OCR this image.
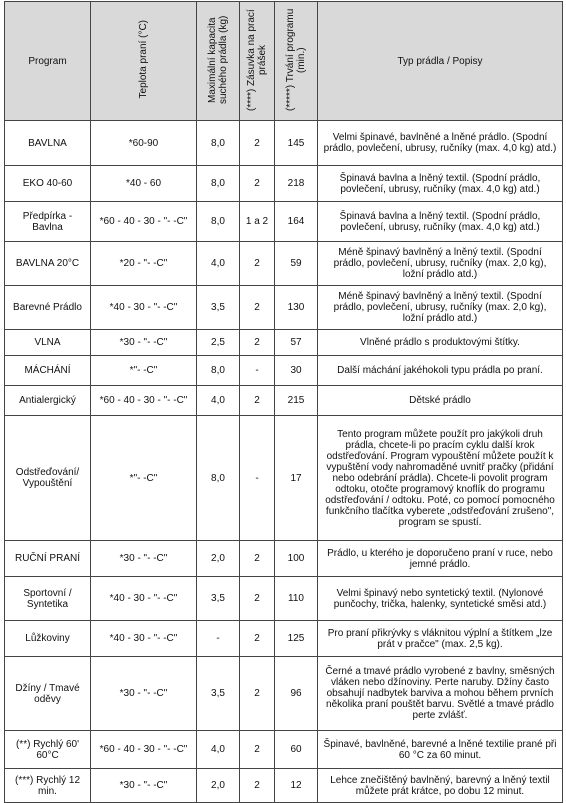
Program	Teplota praní (°C)	Maximální kapacita suchého prádla (kg)	(****) Zásuvka na prací prášek	(*****) Trvání programu (min.)	Typ prádla / Popisy
BAVLNA	*60-90	8,0	2	145	Velmi špinavé, bavlněné a lněné prádlo. (Spodní prádlo, povlečení, ubrusy, ručníky (max. 4,0 kg) atd.)
EKO 40-60	*40 - 60	8,0	2	218	Špinavá bavlna a lněný textil. (Spodní prádlo, povlečení, ubrusy, ručníky (max. 4,0 kg) atd.)
Předpírka - Bavlna	*60 - 40 - 30 - "- -C"	8,0	1 a 2	164	Špinavá bavlna a lněný textil. (Spodní prádlo, povlečení, ubrusy, ručníky (max. 4,0 kg) atd.)
BAVLNA 20°C	*20 - "- -C"	4,0	2	59	Méně špinavý bavlněný a lněný textil. (Spodní prádlo, povlečení, ubrusy, ručníky (max. 2,0 kg), ložní prádlo atd.)
Barevné Prádlo	*40 - 30 - "- -C"	3,5	2	130	Méně špinavý bavlněný a lněný textil. (Spodní prádlo, povlečení, ubrusy, ručníky (max. 2,0 kg), ložní prádlo atd.)
VLNA	*30 - "- -C"	2,5	2	57	Vlněné prádlo s produktovými štítky.
MÁCHÁNÍ	*"- -C"	8,0	-	30	Další máchání jakéhokoli typu prádla po praní.
Antialergický	*60 - 40 - 30 - "- -C"	4,0	2	215	Dětské prádlo
Odstřeďování/ Vypouštění	*"- -C"	8,0	-	17	Tento program můžete použít pro jakýkoli druh prádla, chcete-li po pracím cyklu další krok odstřeďování. Program vypouštění můžete použít k vypuštění vody nahromaděné uvnitř pračky (přidání nebo odebrání prádla). Chcete-li povolit program odtoku, otočte programový knoflík do programu odstřeďování / odtoku. Poté, co pomocí pomocného funkčního tlačítka vyberete „odstřeďování zrušeno", program se spustí.
RUČNÍ PRANÍ	*30 - "- -C"	2,0	2	100	Prádlo, u kterého je doporučeno praní v ruce, nebo jemné prádlo.
Sportovní / Syntetika	*40 - 30 - "- -C"	3,5	2	110	Velmi špinavý nebo syntetický textil. (Nylonové punčochy, trička, halenky, syntetické směsi atd.)
Lůžkoviny	*40 - 30 - "- -C"	-	2	125	Pro praní přikrývky s vláknitou výplní a štítkem „lze prát v pračce" (max. 2,5 kg).
Džíny / Tmavé oděvy	*30 - "- -C"	3,5	2	96	Černé a tmavé prádlo vyrobené z bavlny, směsných vláken nebo džínoviny. Perte naruby. Džíny často obsahují nadbytek barviva a mohou během prvních několika praní pouštět barvu. Světlé a tmavé prádlo perte zvlášť.
(**) Rychlý 60' 60°C	*60 - 40 - 30 - "- -C"	4,0	2	60	Špinavé, bavlněné, barevné a lněné textilie prané při 60 °C za 60 minut.
(***) Rychlý 12 min.	*30 - "- -C"	2,0	2	12	Lehce znečištěný bavlněný, barevný a lněný textil můžete prát krátce, po dobu 12 minut.
